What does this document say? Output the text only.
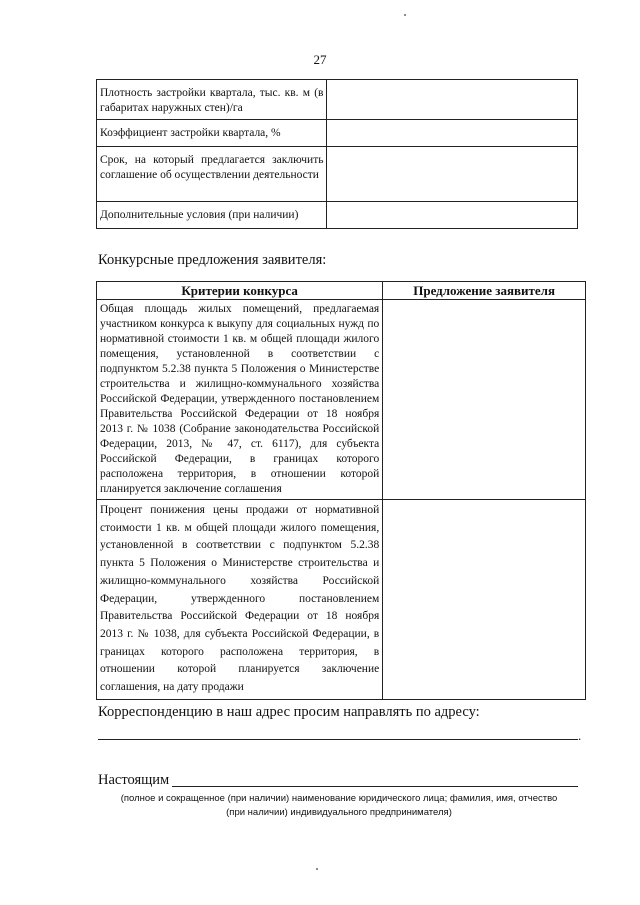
27
Плотность застройки квартала, тыс. кв. м (в габаритах наружных стен)/га	
Коэффициент застройки квартала, %	
Срок, на который предлагается заключить соглашение об осуществлении деятельности	
Дополнительные условия (при наличии)	
Конкурсные предложения заявителя:
Критерии конкурса	Предложение заявителя
Общая площадь жилых помещений, предлагаемая участником конкурса к выкупу для социальных нужд по нормативной стоимости 1 кв. м общей площади жилого помещения, установленной в соответствии с подпунктом 5.2.38 пункта 5 Положения о Министерстве строительства и жилищно-коммунального хозяйства Российской Федерации, утвержденного постановлением Правительства Российской Федерации от 18 ноября 2013 г. № 1038 (Собрание законодательства Российской Федерации, 2013, № 47, ст. 6117), для субъекта Российской Федерации, в границах которого расположена территория, в отношении которой планируется заключение соглашения	
Процент понижения цены продажи от нормативной стоимости 1 кв. м общей площади жилого помещения, установленной в соответствии с подпунктом 5.2.38 пункта 5 Положения о Министерстве строительства и жилищно-коммунального хозяйства Российской Федерации, утвержденного постановлением Правительства Российской Федерации от 18 ноября 2013 г. № 1038, для субъекта Российской Федерации, в границах которого расположена территория, в отношении которой планируется заключение соглашения, на дату продажи	
Корреспонденцию в наш адрес просим направлять по адресу:
.
Настоящим
(полное и сокращенное (при наличии) наименование юридического лица; фамилия, имя, отчество
(при наличии) индивидуального предпринимателя)
